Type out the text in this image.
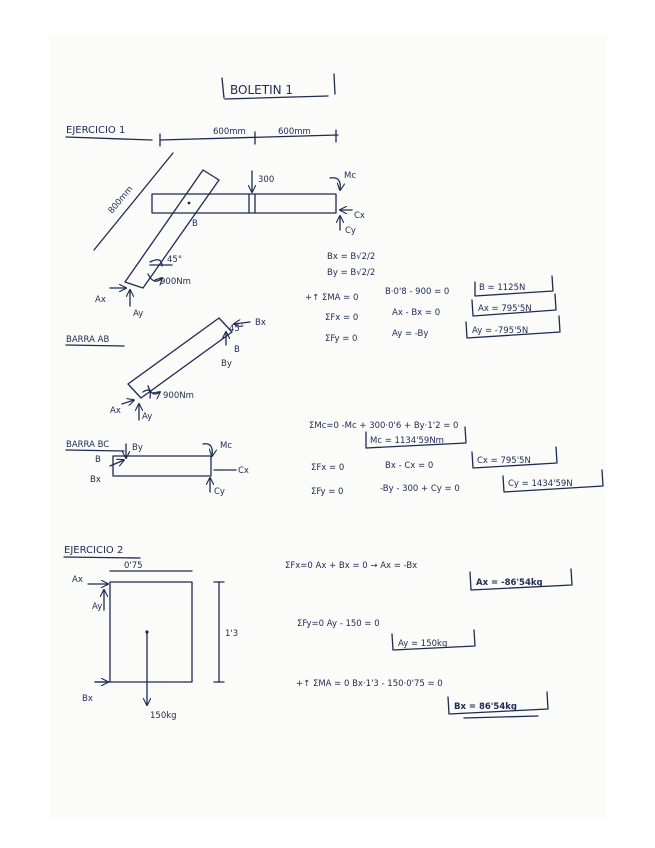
BOLETIN 1
EJERCICIO 1	600mm	600mm
800mm
B
300	Mc
Cx
Cy
45°
900Nm
Ax
Ay
Bx = B√2/2
By = B√2/2
+↑ ΣMA = 0
B·0'8 - 900 = 0	B = 1125N
ΣFx = 0	Ax - Bx = 0	Ax = 795'5N
ΣFy = 0	Ay = -By	Ay = -795'5N
BARRA AB
Bx
B
By
45°
900Nm
Ax
Ay
BARRA BC	By
B
Bx
Mc
Cx
Cy
ΣMc=0 -Mc + 300·0'6 + By·1'2 = 0
Mc = 1134'59Nm
ΣFx = 0	Bx - Cx = 0	Cx = 795'5N
ΣFy = 0	-By - 300 + Cy = 0	Cy = 1434'59N
EJERCICIO 2
0'75
150kg
1'3
Ax
Ay
Bx
ΣFx=0 Ax + Bx = 0 → Ax = -Bx
Ax = -86'54kg
ΣFy=0 Ay - 150 = 0
Ay = 150kg
+↑ ΣMA = 0 Bx·1'3 - 150·0'75 = 0
Bx = 86'54kg
